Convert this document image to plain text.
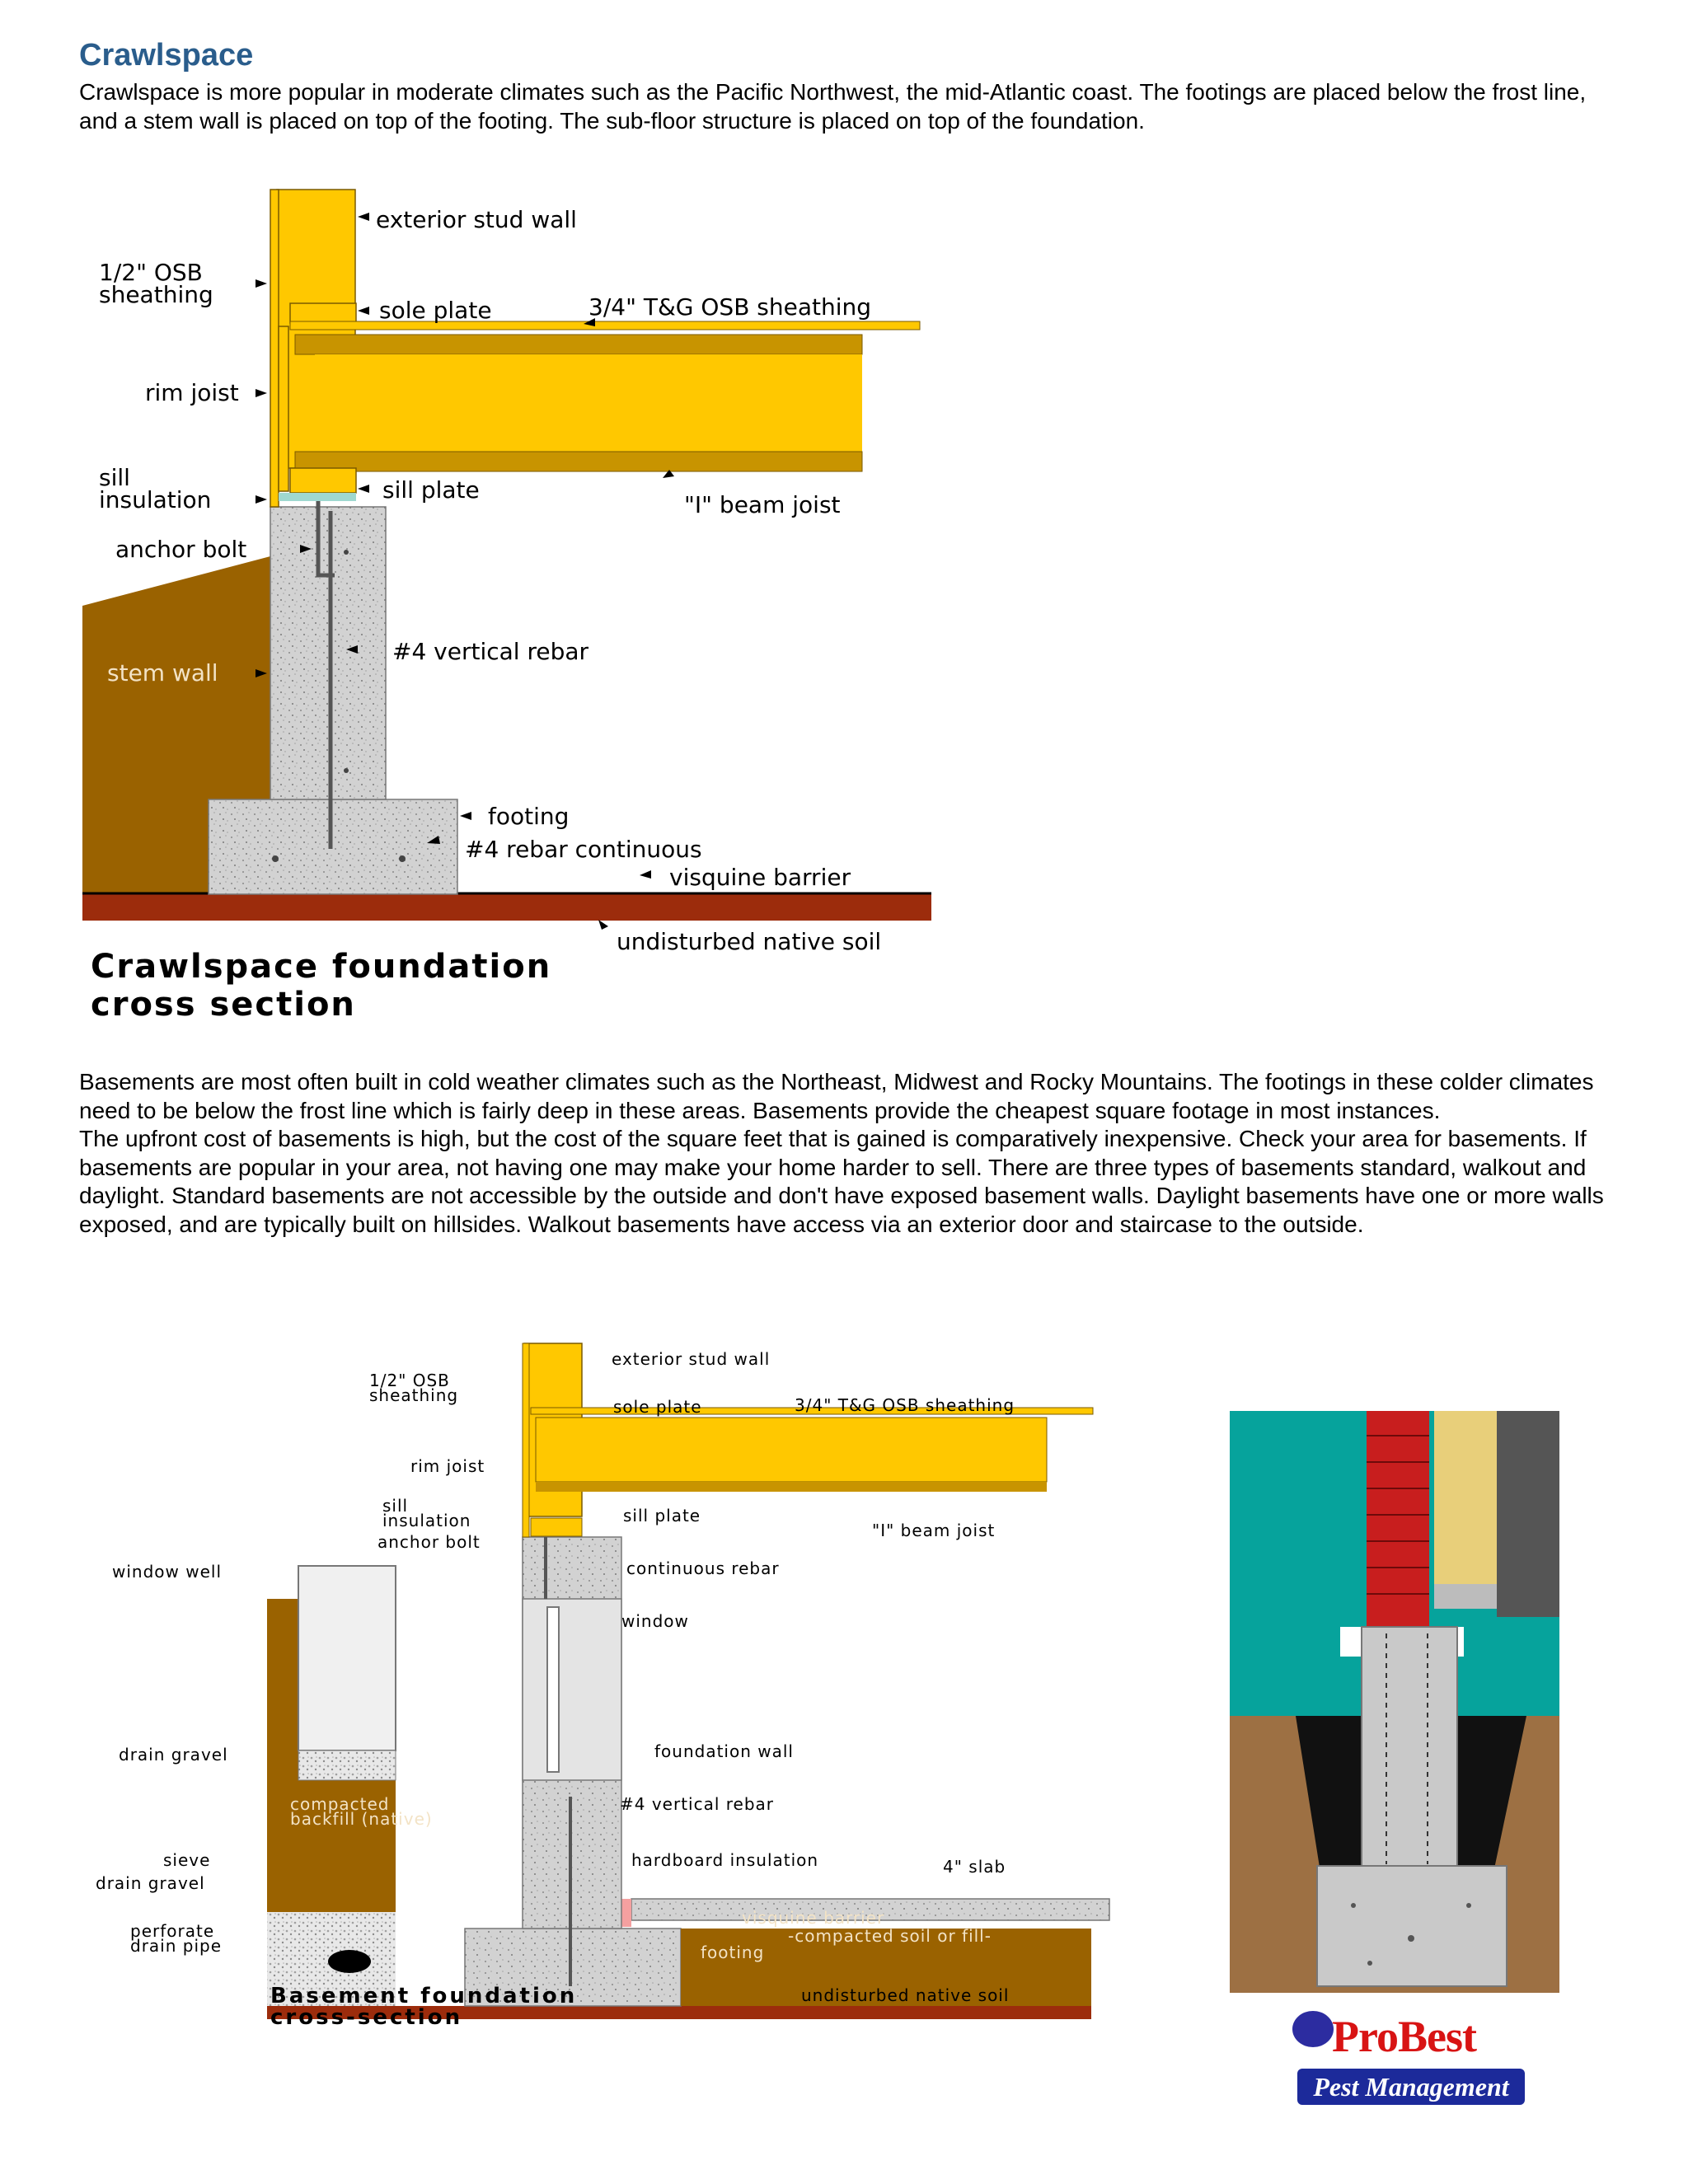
Crawlspace

Crawlspace is more popular in moderate climates such as the Pacific Northwest, the mid-Atlantic coast. The footings are placed below the frost line, and a stem wall is placed on top of the footing. The sub-floor structure is placed on top of the foundation.

exterior stud wall
1/2" OSB
sheathing
sole plate	3/4" T&G OSB sheathing
rim joist
sill
insulation	sill plate
"I" beam joist
anchor bolt
#4 vertical rebar
stem wall
footing
#4 rebar continuous
visquine barrier
undisturbed native soil
Crawlspace foundation
cross section

Basements are most often built in cold weather climates such as the Northeast, Midwest and Rocky Mountains. The footings in these colder climates need to be below the frost line which is fairly deep in these areas. Basements provide the cheapest square footage in most instances.

The upfront cost of basements is high, but the cost of the square feet that is gained is comparatively inexpensive. Check your area for basements. If basements are popular in your area, not having one may make your home harder to sell. There are three types of basements standard, walkout and daylight. Standard basements are not accessible by the outside and don't have exposed basement walls. Daylight basements have one or more walls exposed, and are typically built on hillsides. Walkout basements have access via an exterior door and staircase to the outside.

exterior stud wall
1/2" OSB
sheathing
sole plate	3/4" T&G OSB sheathing
rim joist
sill
insulation	sill plate
"I" beam joist
anchor bolt
window well	continuous rebar
window
drain gravel	foundation wall
compacted
backfill (native)
#4 vertical rebar
sieve	hardboard insulation	4" slab
drain gravel
visquine barrier
-compacted soil or fill-
perforate
drain pipe	footing
undisturbed native soil
Basement foundation
cross-section	ProBest
Pest Management
